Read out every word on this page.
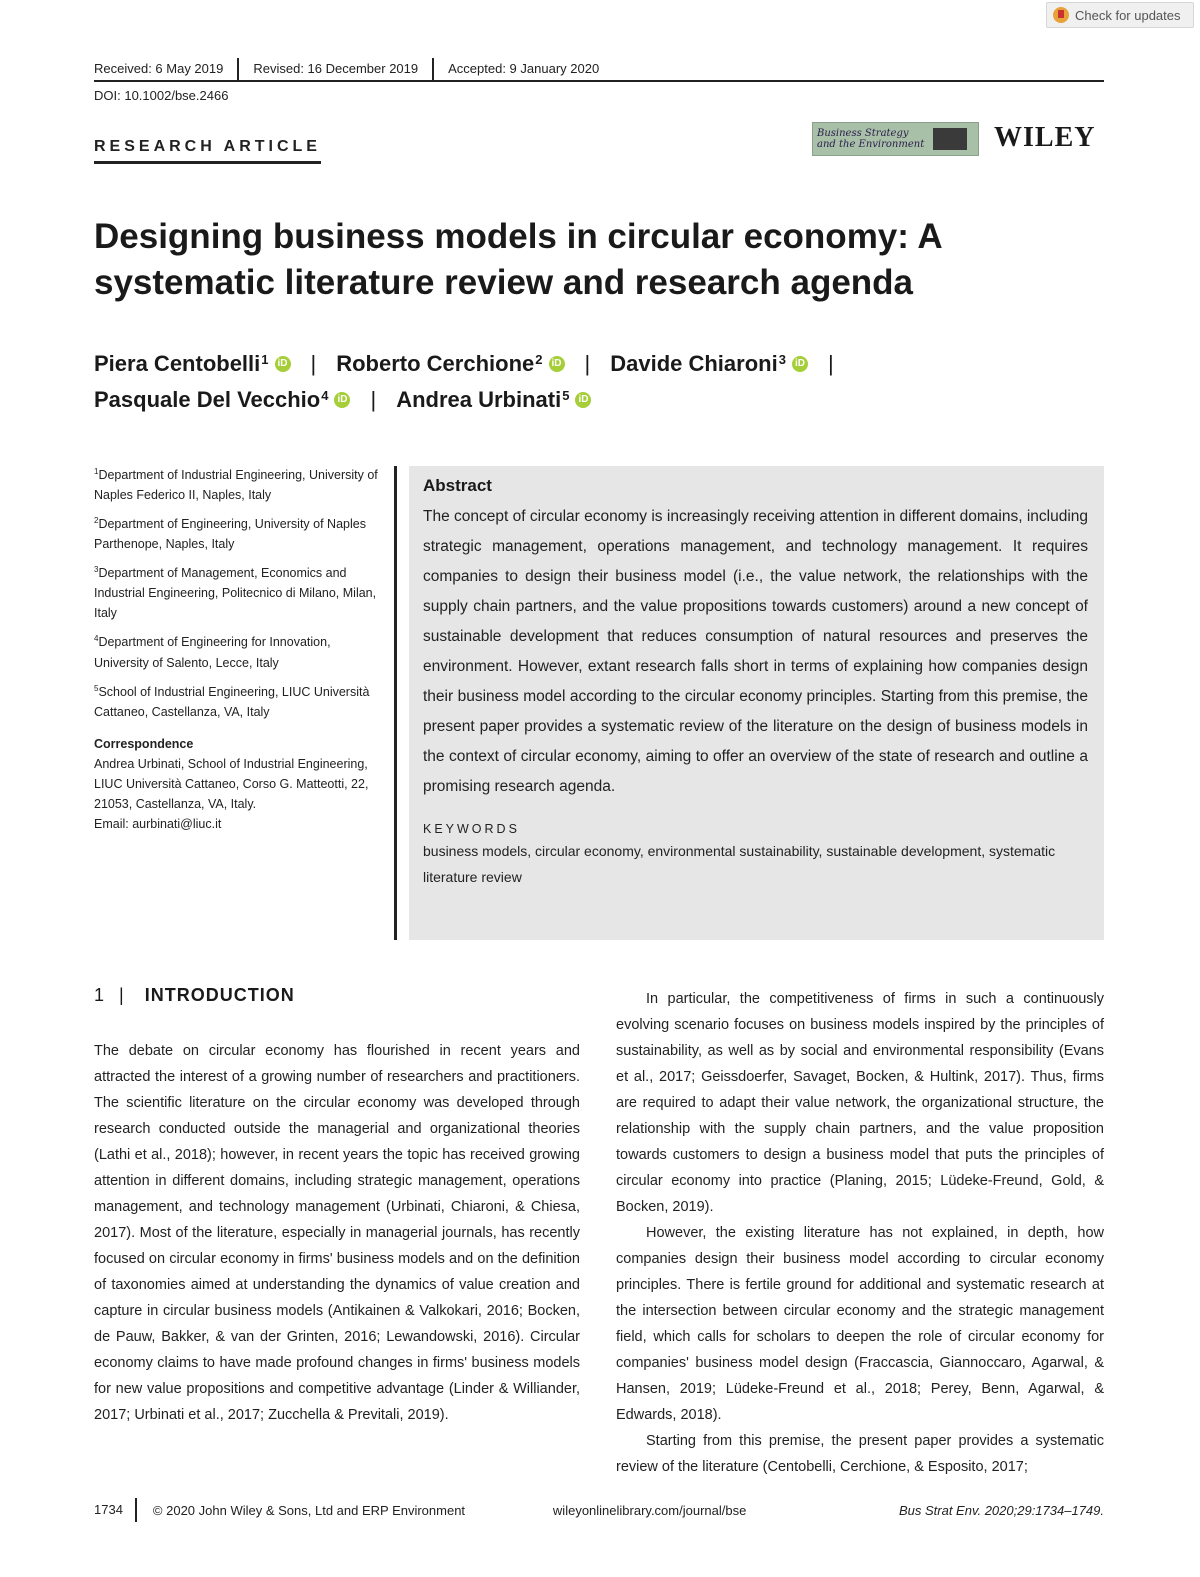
Check for updates
Received: 6 May 2019	Revised: 16 December 2019	Accepted: 9 January 2020
DOI: 10.1002/bse.2466
RESEARCH ARTICLE
Business Strategy and the Environment WILEY
Designing business models in circular economy: A systematic literature review and research agenda
Piera Centobelli$^1$ iD | Roberto Cerchione$^2$ iD | Davide Chiaroni$^3$ iD |
Pasquale Del Vecchio$^4$ iD | Andrea Urbinati$^5$ iD
$^1$Department of Industrial Engineering, University of Naples Federico II, Naples, Italy
$^2$Department of Engineering, University of Naples Parthenope, Naples, Italy
$^3$Department of Management, Economics and Industrial Engineering, Politecnico di Milano, Milan, Italy
$^4$Department of Engineering for Innovation, University of Salento, Lecce, Italy
$^5$School of Industrial Engineering, LIUC Università Cattaneo, Castellanza, VA, Italy
Correspondence
Andrea Urbinati, School of Industrial Engineering, LIUC Università Cattaneo, Corso G. Matteotti, 22, 21053, Castellanza, VA, Italy.
Email: aurbinati@liuc.it
Abstract
The concept of circular economy is increasingly receiving attention in different domains, including strategic management, operations management, and technology management. It requires companies to design their business model (i.e., the value network, the relationships with the supply chain partners, and the value propositions towards customers) around a new concept of sustainable development that reduces consumption of natural resources and preserves the environment. However, extant research falls short in terms of explaining how companies design their business model according to the circular economy principles. Starting from this premise, the present paper provides a systematic review of the literature on the design of business models in the context of circular economy, aiming to offer an overview of the state of research and outline a promising research agenda.
KEYWORDS
business models, circular economy, environmental sustainability, sustainable development, systematic literature review
1 | INTRODUCTION

The debate on circular economy has flourished in recent years and attracted the interest of a growing number of researchers and practitioners. The scientific literature on the circular economy was developed through research conducted outside the managerial and organizational theories (Lathi et al., 2018); however, in recent years the topic has received growing attention in different domains, including strategic management, operations management, and technology management (Urbinati, Chiaroni, & Chiesa, 2017). Most of the literature, especially in managerial journals, has recently focused on circular economy in firms' business models and on the definition of taxonomies aimed at understanding the dynamics of value creation and capture in circular business models (Antikainen & Valkokari, 2016; Bocken, de Pauw, Bakker, & van der Grinten, 2016; Lewandowski, 2016). Circular economy claims to have made profound changes in firms' business models for new value propositions and competitive advantage (Linder & Williander, 2017; Urbinati et al., 2017; Zucchella & Previtali, 2019).

In particular, the competitiveness of firms in such a continuously evolving scenario focuses on business models inspired by the principles of sustainability, as well as by social and environmental responsibility (Evans et al., 2017; Geissdoerfer, Savaget, Bocken, & Hultink, 2017). Thus, firms are required to adapt their value network, the organizational structure, the relationship with the supply chain partners, and the value proposition towards customers to design a business model that puts the principles of circular economy into practice (Planing, 2015; Lüdeke-Freund, Gold, & Bocken, 2019).

However, the existing literature has not explained, in depth, how companies design their business model according to circular economy principles. There is fertile ground for additional and systematic research at the intersection between circular economy and the strategic management field, which calls for scholars to deepen the role of circular economy for companies' business model design (Fraccascia, Giannoccaro, Agarwal, & Hansen, 2019; Lüdeke-Freund et al., 2018; Perey, Benn, Agarwal, & Edwards, 2018).

Starting from this premise, the present paper provides a systematic review of the literature (Centobelli, Cerchione, & Esposito, 2017;

1734	© 2020 John Wiley & Sons, Ltd and ERP Environment	wileyonlinelibrary.com/journal/bse	Bus Strat Env. 2020;29:1734–1749.
